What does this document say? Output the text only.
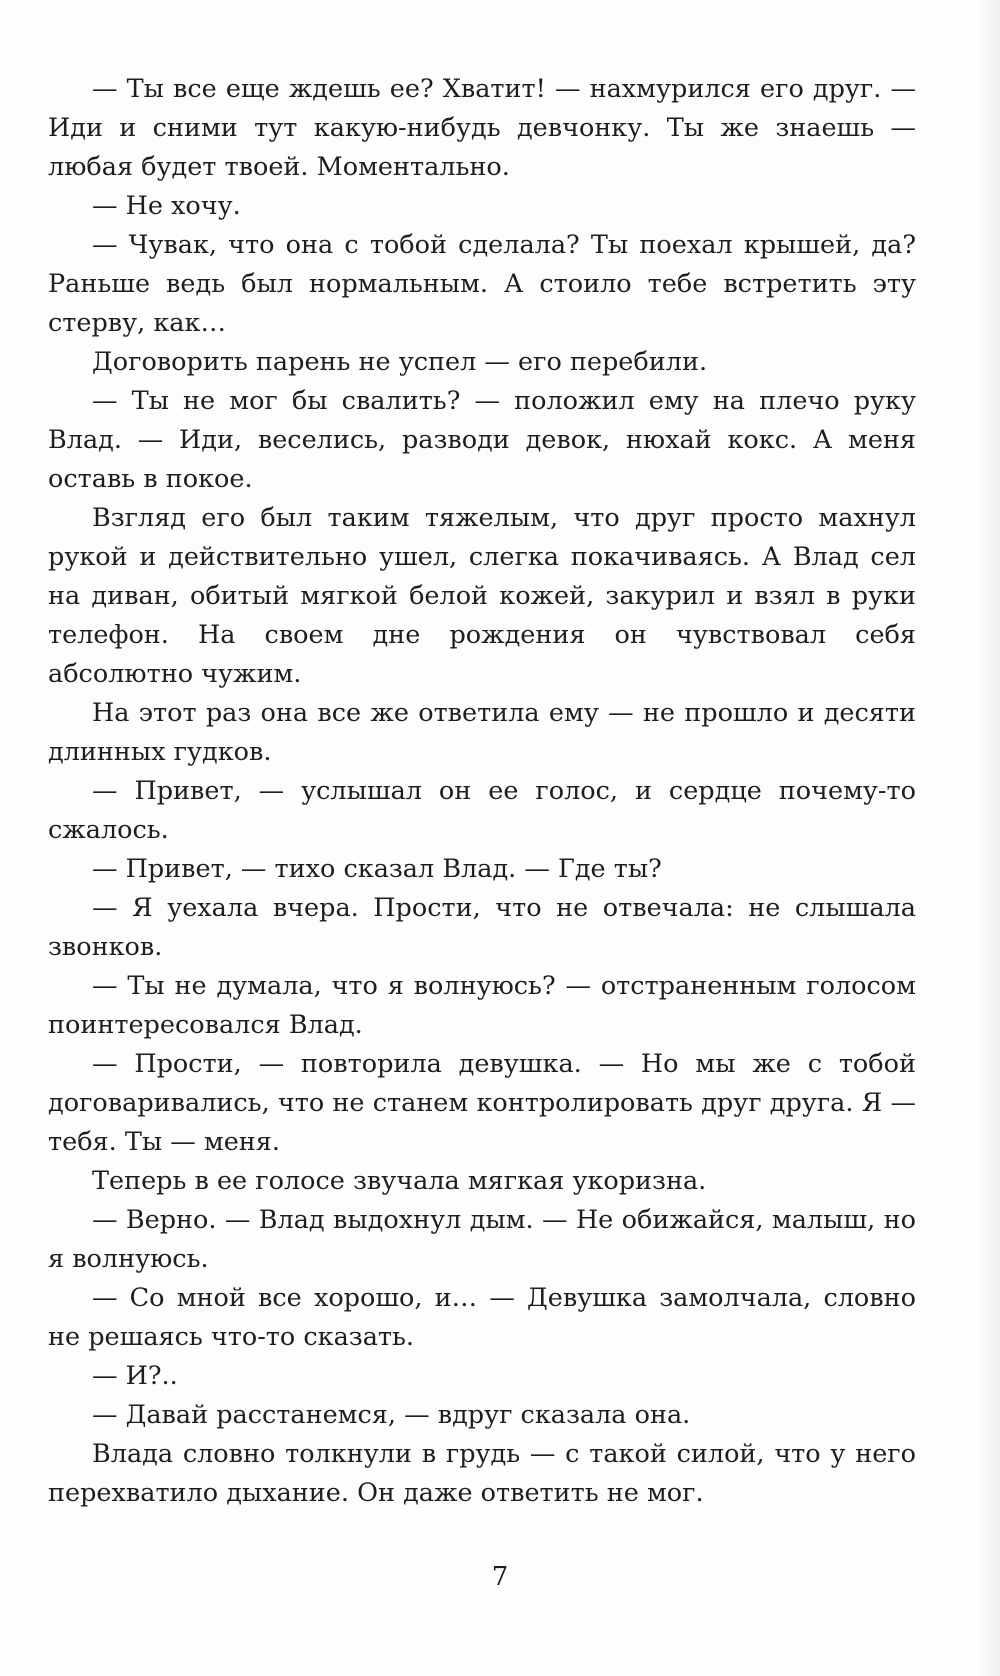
— Ты все еще ждешь ее? Хватит! — нахмурился его друг. — Иди и сними тут какую-нибудь девчонку. Ты же знаешь — любая будет твоей. Моментально.

— Не хочу.

— Чувак, что она с тобой сделала? Ты поехал крышей, да? Раньше ведь был нормальным. А стоило тебе встретить эту стерву, как…

Договорить парень не успел — его перебили.

— Ты не мог бы свалить? — положил ему на плечо руку Влад. — Иди, веселись, разводи девок, нюхай кокс. А меня оставь в покое.

Взгляд его был таким тяжелым, что друг просто махнул рукой и действительно ушел, слегка покачиваясь. А Влад сел на диван, обитый мягкой белой кожей, закурил и взял в руки телефон. На своем дне рождения он чувствовал себя абсолютно чужим.

На этот раз она все же ответила ему — не прошло и десяти длинных гудков.

— Привет, — услышал он ее голос, и сердце почему-то сжалось.

— Привет, — тихо сказал Влад. — Где ты?

— Я уехала вчера. Прости, что не отвечала: не слышала звонков.

— Ты не думала, что я волнуюсь? — отстраненным голосом поинтересовался Влад.

— Прости, — повторила девушка. — Но мы же с тобой договаривались, что не станем контролировать друг друга. Я — тебя. Ты — меня.

Теперь в ее голосе звучала мягкая укоризна.

— Верно. — Влад выдохнул дым. — Не обижайся, малыш, но я волнуюсь.

— Со мной все хорошо, и… — Девушка замолчала, словно не решаясь что-то сказать.

— И?..

— Давай расстанемся, — вдруг сказала она.

Влада словно толкнули в грудь — с такой силой, что у него перехватило дыхание. Он даже ответить не мог.

7
